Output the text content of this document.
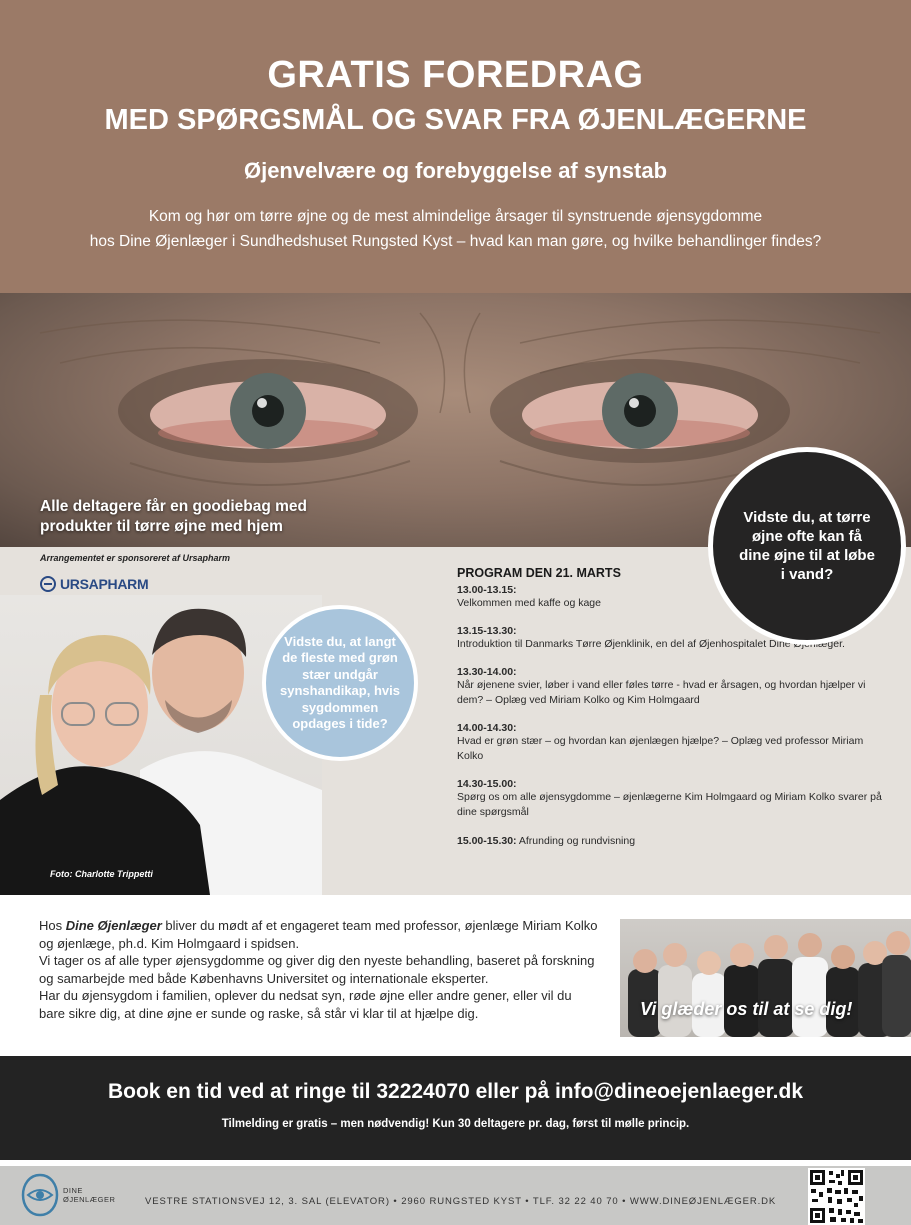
GRATIS FOREDRAG
MED SPØRGSMÅL OG SVAR FRA ØJENLÆGERNE
Øjenvelvære og forebyggelse af synstab

Kom og hør om tørre øjne og de mest almindelige årsager til synstruende øjensygdomme

hos Dine Øjenlæger i Sundhedshuset Rungsted Kyst – hvad kan man gøre, og hvilke behandlinger findes?

Alle deltagere får en goodiebag med produkter til tørre øjne med hjem

Arrangementet er sponsoreret af Ursapharm

URSAPHARM

Foto: Charlotte Trippetti

Vidste du, at langt de fleste med grøn stær undgår synshandikap, hvis sygdommen opdages i tide?
PROGRAM DEN 21. MARTS
13.00-13.15:
Velkommen med kaffe og kage
13.15-13.30:
Introduktion til Danmarks Tørre Øjenklinik, en del af Øjenhospitalet Dine Øjenlæger.
13.30-14.00:
Når øjenene svier, løber i vand eller føles tørre - hvad er årsagen, og hvordan hjælper vi dem? – Oplæg ved Miriam Kolko og Kim Holmgaard
14.00-14.30:
Hvad er grøn stær – og hvordan kan øjenlægen hjælpe? – Oplæg ved professor Miriam Kolko
14.30-15.00:
Spørg os om alle øjensygdomme – øjenlægerne Kim Holmgaard og Miriam Kolko svarer på dine spørgsmål
15.00-15.30: Afrunding og rundvisning
Vidste du, at tørre øjne ofte kan få dine øjne til at løbe i vand?

Hos Dine Øjenlæger bliver du mødt af et engageret team med professor, øjenlæge Miriam Kolko og øjenlæge, ph.d. Kim Holmgaard i spidsen.

Vi tager os af alle typer øjensygdomme og giver dig den nyeste behandling, baseret på forskning og samarbejde med både Københavns Universitet og internationale eksperter.

Har du øjensygdom i familien, oplever du nedsat syn, røde øjne eller andre gener, eller vil du bare sikre dig, at dine øjne er sunde og raske, så står vi klar til at hjælpe dig.	Vi glæder os til at se dig!

Book en tid ved at ringe til 32224070 eller på info@dineoejenlaeger.dk

Tilmelding er gratis – men nødvendig! Kun 30 deltagere pr. dag, først til mølle princip.

DINE
ØJENLÆGER	VESTRE STATIONSVEJ 12, 3. SAL (ELEVATOR) • 2960 RUNGSTED KYST • TLF. 32 22 40 70 • WWW.DINEØJENLÆGER.DK
